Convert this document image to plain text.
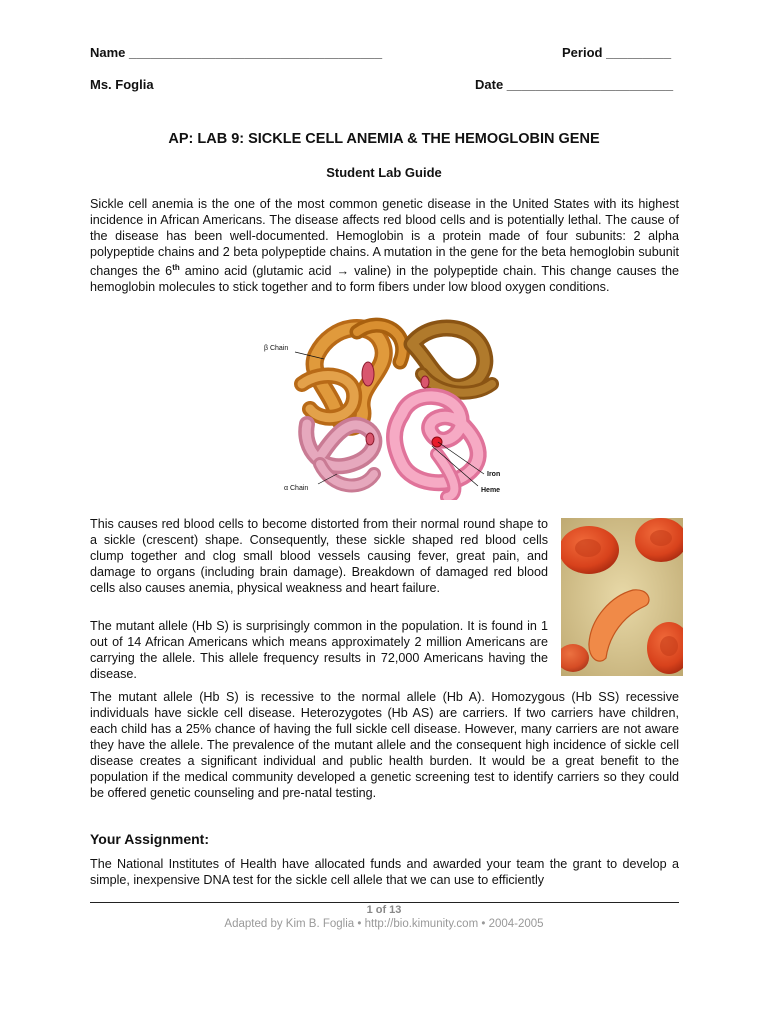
Name ___________________________________	Period _________
Ms. Foglia	Date _______________________
AP: LAB 9: SICKLE CELL ANEMIA & THE HEMOGLOBIN GENE
Student Lab Guide

Sickle cell anemia is the one of the most common genetic disease in the United States with its highest incidence in African Americans. The disease affects red blood cells and is potentially lethal. The cause of the disease has been well-documented. Hemoglobin is a protein made of four subunits: 2 alpha polypeptide chains and 2 beta polypeptide chains. A mutation in the gene for the beta hemoglobin subunit changes the 6th amino acid (glutamic acid → valine) in the polypeptide chain. This change causes the hemoglobin molecules to stick together and to form fibers under low blood oxygen conditions.

β Chain
α Chain
Iron
Heme

This causes red blood cells to become distorted from their normal round shape to a sickle (crescent) shape. Consequently, these sickle shaped red blood cells clump together and clog small blood vessels causing fever, great pain, and damage to organs (including brain damage). Breakdown of damaged red blood cells also causes anemia, physical weakness and heart failure.

The mutant allele (Hb S) is surprisingly common in the population. It is found in 1 out of 14 African Americans which means approximately 2 million Americans are carrying the allele. This allele frequency results in 72,000 Americans having the disease.

The mutant allele (Hb S) is recessive to the normal allele (Hb A). Homozygous (Hb SS) recessive individuals have sickle cell disease. Heterozygotes (Hb AS) are carriers. If two carriers have children, each child has a 25% chance of having the full sickle cell disease. However, many carriers are not aware they have the allele. The prevalence of the mutant allele and the consequent high incidence of sickle cell disease creates a significant individual and public health burden. It would be a great benefit to the population if the medical community developed a genetic screening test to identify carriers so they could be offered genetic counseling and pre-natal testing.

Your Assignment:

The National Institutes of Health have allocated funds and awarded your team the grant to develop a simple, inexpensive DNA test for the sickle cell allele that we can use to efficiently

1 of 13
Adapted by Kim B. Foglia • http://bio.kimunity.com • 2004-2005
